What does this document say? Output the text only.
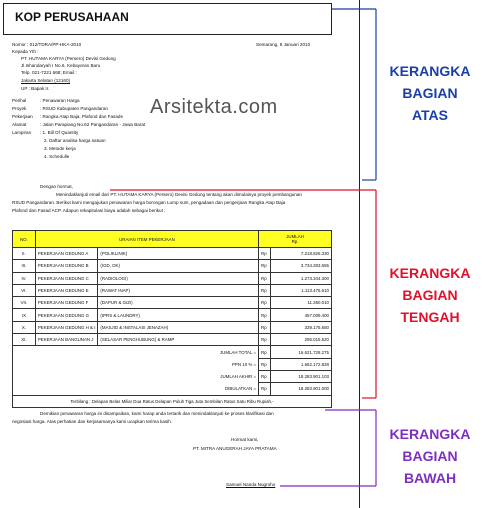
KOP PERUSAHAAN
Nomor : 012/TDRA/PP-HKA-2010	Semarang, 8 Januari 2010
Kepada Yth :
PT. HUTAMA KARYA (Persero) Devisi Gedung
Jl.Ishandaryah I No.6, Kebayoran Baru
Telp. 021-7221 668; Email :
Jakarta Selatan (12160)
UP : Bapak Ir.
Perihal	: Penawaran Harga
Proyek	: RSUD Kabupaten Pangandaran
Pekerjaan : Rangka Atap Baja, Plafond dan Fasade
Alamat	: Jalan Parapiang No.62 Pangandaran - Jawa Barat
Lampiran : 1. Bill Of Quantity
2. Daftar analisa harga satuan
3. Metode kerja
4. Schedulle
Arsitekta.com
Dengan hormat,
Menindaklanjuti email dari PT. HUTAMA KARYA (Persero) Devisi Gedung tentang akan dimulainya proyek pembangunan
RSUD Pangandaran. Berikut kami mengajukan penawaran harga borongan Lump sum, pengadaan dan pengerjaan Rangka Atap Baja
Plafond dan Fasad ACP. Adapun rekapitulasi biaya adalah sebagai berikut :
NO.	URAIAN ITEM PEKERJAAN		JUMLAH
Rp.	
II.	PEKERJAAN GEDUNG A	(POLIKLINIK)	Rp	7.218.826.330
III.	PEKERJAAN GEDUNG B	(IGD, OK)	Rp	3.734.283.655
IV.	PEKERJAAN GEDUNG C	(RADIOLOGI)	Rp	1.273.344.300
VI.	PEKERJAAN GEDUNG E	(RAWAT INAP)	Rp	1.113.475.610
VII.	PEKERJAAN GEDUNG F	(DAPUR & GIZI)	Rp	11.360.010
IX	PEKERJAAN GEDUNG G	(IPRS & LAUNDRY)	Rp	457.009.400
X.	PEKERJAAN GEDUNG H & I	(MASJID & INSTALASI JENAZAH)	Rp	339.175.650
XI.	PEKERJAAN BANGUNAN J	(SELASAR PENGHUBUNG) & RAMP	Rp	295.015.520
JUMLAH TOTAL =			Rp	16.621.728.275
PPN 10 % =			Rp	1.662.172.828
JUMLAH AKHIR =			Rp	18.283.901.103
DIBULATKAN =			Rp	18.283.901.000
Terbilang : Delapan Belas Miliar Dua Ratus Delapan Puluh Tiga Juta Sembilan Ratus Satu Ribu Rupiah,-				
Demikian penawaran harga ini disampaikan, kami harap anda tertarik dan menindaklanjuti ke proses klarifikasi dan
negosiasi harga. Atas perhatian dan kerjasamanya kami ucapkan terima kasih.
Hormat kami,
PT. MITRA ANUGERAH JAYA PRATAMA
Samuel Nanda Nugroho
KERANGKA
BAGIAN
ATAS
KERANGKA
BAGIAN
TENGAH
KERANGKA
BAGIAN
BAWAH
